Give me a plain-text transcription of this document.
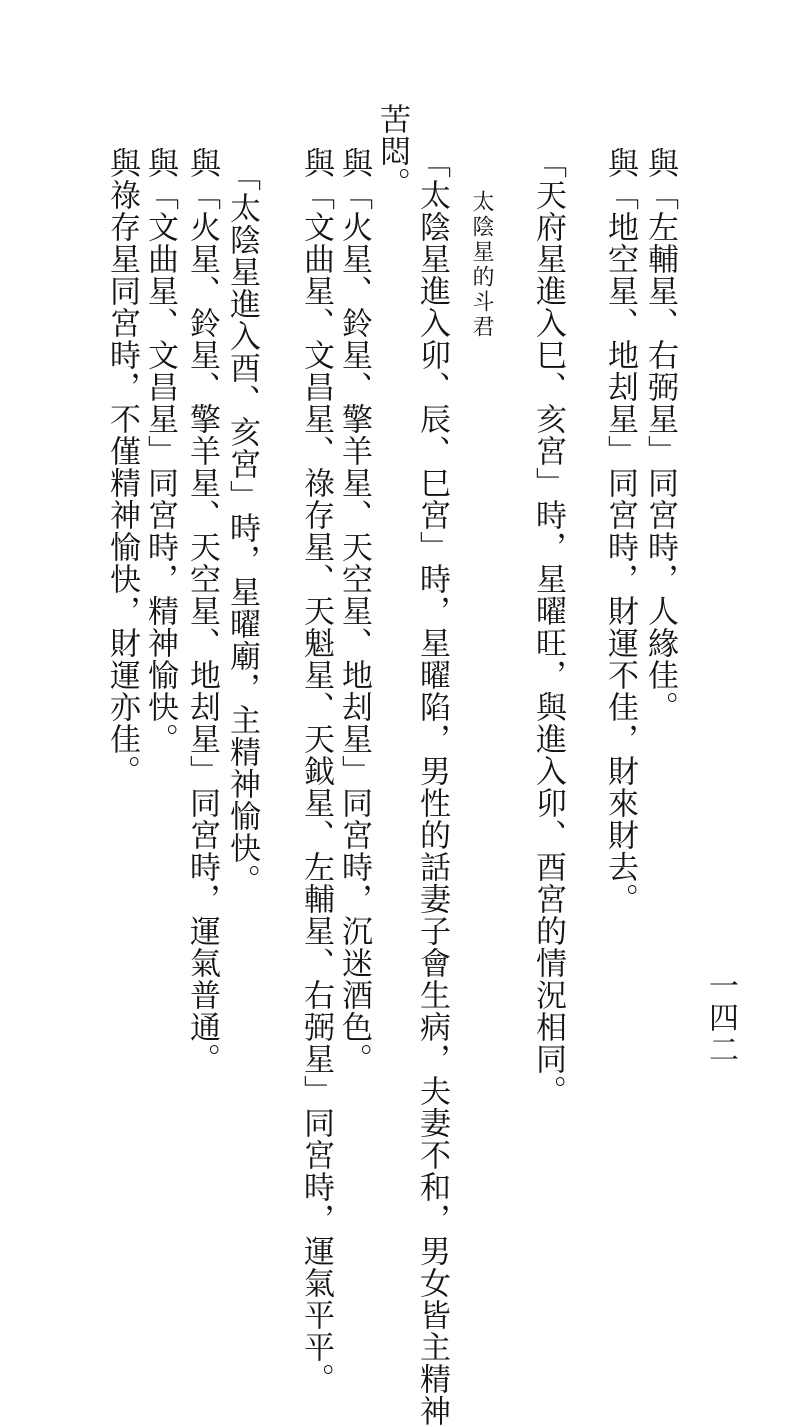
與「左輔星、右弼星」同宮時，人緣佳。
與「地空星、地刦星」同宮時，財運不佳，財來財去。
「天府星進入巳、亥宮」時，星曜旺，與進入卯、酉宮的情況相同。
太陰星的斗君
「太陰星進入卯、辰、巳宮」時，星曜陷，男性的話妻子會生病，夫妻不和，男女皆主精神
苦悶。
與「火星、鈴星、擎羊星、天空星、地刦星」同宮時，沉迷酒色。
與「文曲星、文昌星、祿存星、天魁星、天鉞星、左輔星、右弼星」同宮時，運氣平平。
「太陰星進入酉、亥宮」時，星曜廟，主精神愉快。
與「火星、鈴星、擎羊星、天空星、地刦星」同宮時，運氣普通。
與「文曲星、文昌星」同宮時，精神愉快。
與祿存星同宮時，不僅精神愉快，財運亦佳。
一四二
